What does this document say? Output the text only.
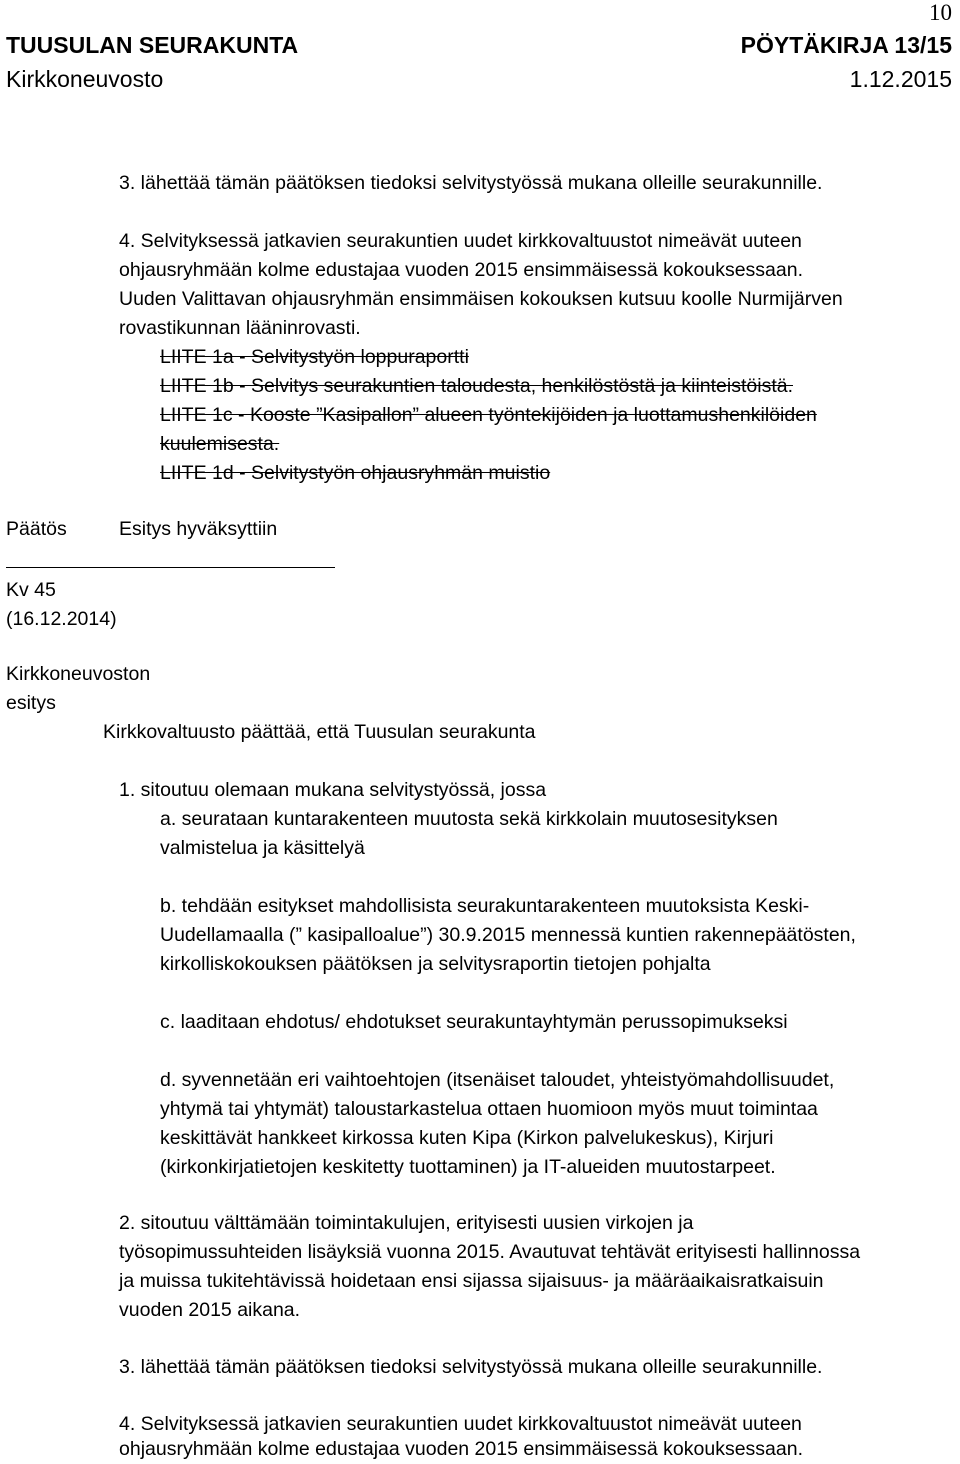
10
TUUSULAN SEURAKUNTA	PÖYTÄKIRJA 13/15
Kirkkoneuvosto	1.12.2015
3. lähettää tämän päätöksen tiedoksi selvitystyössä mukana olleille seurakunnille.
4. Selvityksessä jatkavien seurakuntien uudet kirkkovaltuustot nimeävät uuteen
ohjausryhmään kolme edustajaa vuoden 2015 ensimmäisessä kokouksessaan.
Uuden Valittavan ohjausryhmän ensimmäisen kokouksen kutsuu koolle Nurmijärven
rovastikunnan lääninrovasti.
LIITE 1a - Selvitystyön loppuraportti
LIITE 1b - Selvitys seurakuntien taloudesta, henkilöstöstä ja kiinteistöistä.
LIITE 1c - Kooste ”Kasipallon” alueen työntekijöiden ja luottamushenkilöiden
kuulemisesta.
LIITE 1d - Selvitystyön ohjausryhmän muistio
Päätös	Esitys hyväksyttiin
Kv 45
(16.12.2014)
Kirkkoneuvoston
esitys
Kirkkovaltuusto päättää, että Tuusulan seurakunta
1. sitoutuu olemaan mukana selvitystyössä, jossa
a. seurataan kuntarakenteen muutosta sekä kirkkolain muutosesityksen
valmistelua ja käsittelyä
b. tehdään esitykset mahdollisista seurakuntarakenteen muutoksista Keski-
Uudellamaalla (” kasipalloalue”) 30.9.2015 mennessä kuntien rakennepäätösten,
kirkolliskokouksen päätöksen ja selvitysraportin tietojen pohjalta
c. laaditaan ehdotus/ ehdotukset seurakuntayhtymän perussopimukseksi
d. syvennetään eri vaihtoehtojen (itsenäiset taloudet, yhteistyömahdollisuudet,
yhtymä tai yhtymät) taloustarkastelua ottaen huomioon myös muut toimintaa
keskittävät hankkeet kirkossa kuten Kipa (Kirkon palvelukeskus), Kirjuri
(kirkonkirjatietojen keskitetty tuottaminen) ja IT-alueiden muutostarpeet.
2. sitoutuu välttämään toimintakulujen, erityisesti uusien virkojen ja
työsopimussuhteiden lisäyksiä vuonna 2015. Avautuvat tehtävät erityisesti hallinnossa
ja muissa tukitehtävissä hoidetaan ensi sijassa sijaisuus- ja määräaikaisratkaisuin
vuoden 2015 aikana.
3. lähettää tämän päätöksen tiedoksi selvitystyössä mukana olleille seurakunnille.
4. Selvityksessä jatkavien seurakuntien uudet kirkkovaltuustot nimeävät uuteen
ohjausryhmään kolme edustajaa vuoden 2015 ensimmäisessä kokouksessaan.
